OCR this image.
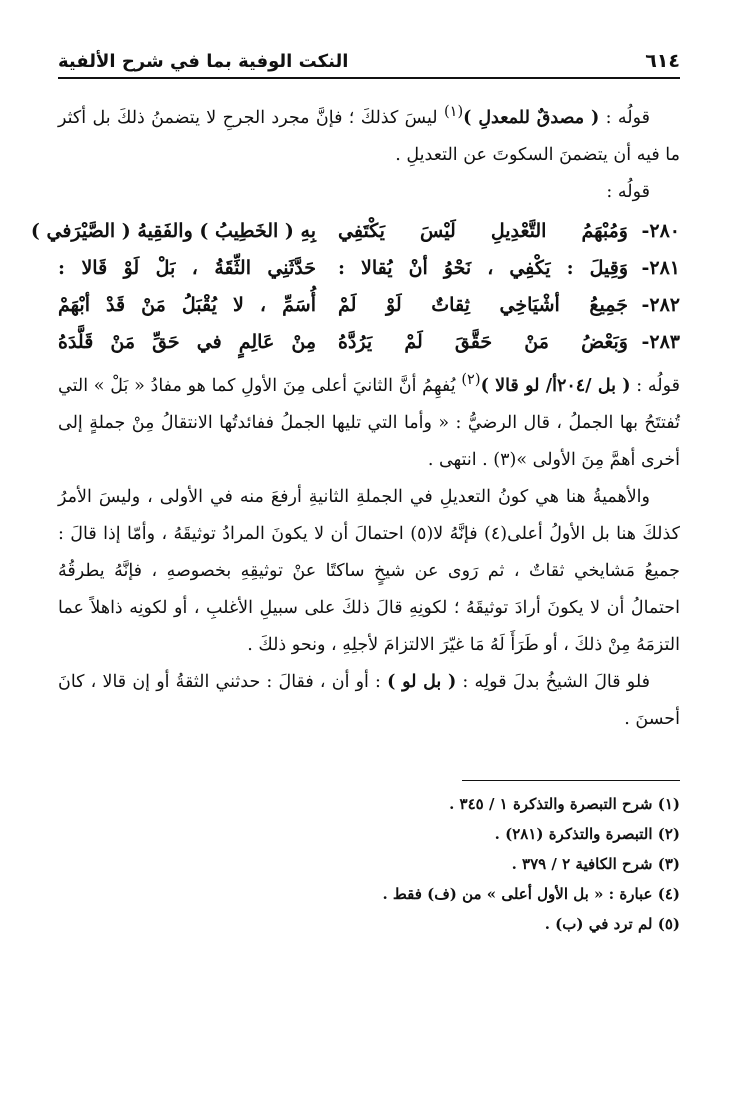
٦١٤
النكت الوفية بما في شرح الألفية

قولُه : ( مصدقٌ للمعدلِ )$^{(١)}$ ليسَ كذلكَ ؛ فإنَّ مجرد الجرحِ لا يتضمنُ ذلكَ بل أكثر ما فيه أن يتضمنَ السكوتَ عن التعديلِ .

قولُه :

٢٨٠-
وَمُبْهَمُ التَّعْدِيلِ لَيْسَ يَكْتَفِي
بِهِ ( الخَطِيبُ ) والفَقِيهُ ( الصَّيْرَفي )
٢٨١-
وَقِيلَ : يَكْفِي ، نَحْوُ أنْ يُقالا :
حَدَّثَنِي الثِّقَةُ ، بَلْ لَوْ قَالا :
٢٨٢-
جَمِيعُ أشْيَاخِي ثِقاتٌ لَوْ لَمْ
أُسَمِّ ، لا يُقْبَلُ مَنْ قَدْ أبْهَمْ
٢٨٣-
وَبَعْضُ مَنْ حَقَّقَ لَمْ يَرُدَّهُ
مِنْ عَالِمٍ في حَقِّ مَنْ قَلَّدَهُ

قولُه : ( بل /٢٠٤أ/ لو قالا )$^{(٢)}$ يُفهِمُ أنَّ الثانيَ أعلى مِنَ الأولِ كما هو مفادُ « بَلْ » التي تُفتتَحُ بها الجملُ ، قال الرضيُّ : « وأما التي تليها الجملُ ففائدتُها الانتقالُ مِنْ جملةٍ إلى أخرى أهمَّ مِنَ الأولى »(٣) . انتهى .

والأهميةُ هنا هي كونُ التعديلِ في الجملةِ الثانيةِ أرفعَ منه في الأولى ، وليسَ الأمرُ كذلكَ هنا بل الأولُ أعلى(٤) فإنَّهُ لا(٥) احتمالَ أن لا يكونَ المرادُ توثيقَهُ ، وأمّا إذا قالَ : جميعُ مَشايخي ثقاتٌ ، ثم رَوى عن شيخٍ ساكتًا عنْ توثيقِهِ بخصوصهِ ، فإنَّهُ يطرقُهُ احتمالُ أن لا يكونَ أرادَ توثيقَهُ ؛ لكونِهِ قالَ ذلكَ على سبيلِ الأغلبِ ، أو لكونِه ذاهلاً عما التزمَهُ مِنْ ذلكَ ، أو طَرَأَ لَهُ مَا غيّرَ الالتزامَ لأجلِهِ ، ونحو ذلكَ .

فلو قالَ الشيخُ بدلَ قولِه : ( بل لو ) : أو أن ، فقالَ : حدثني الثقةُ أو إن قالا ، كانَ أحسنَ .

(١) شرح التبصرة والتذكرة ١ / ٣٤٥ .
(٢) التبصرة والتذكرة (٢٨١) .
(٣) شرح الكافية ٢ / ٣٧٩ .
(٤) عبارة : « بل الأول أعلى » من (ف) فقط .
(٥) لم ترد في (ب) .
